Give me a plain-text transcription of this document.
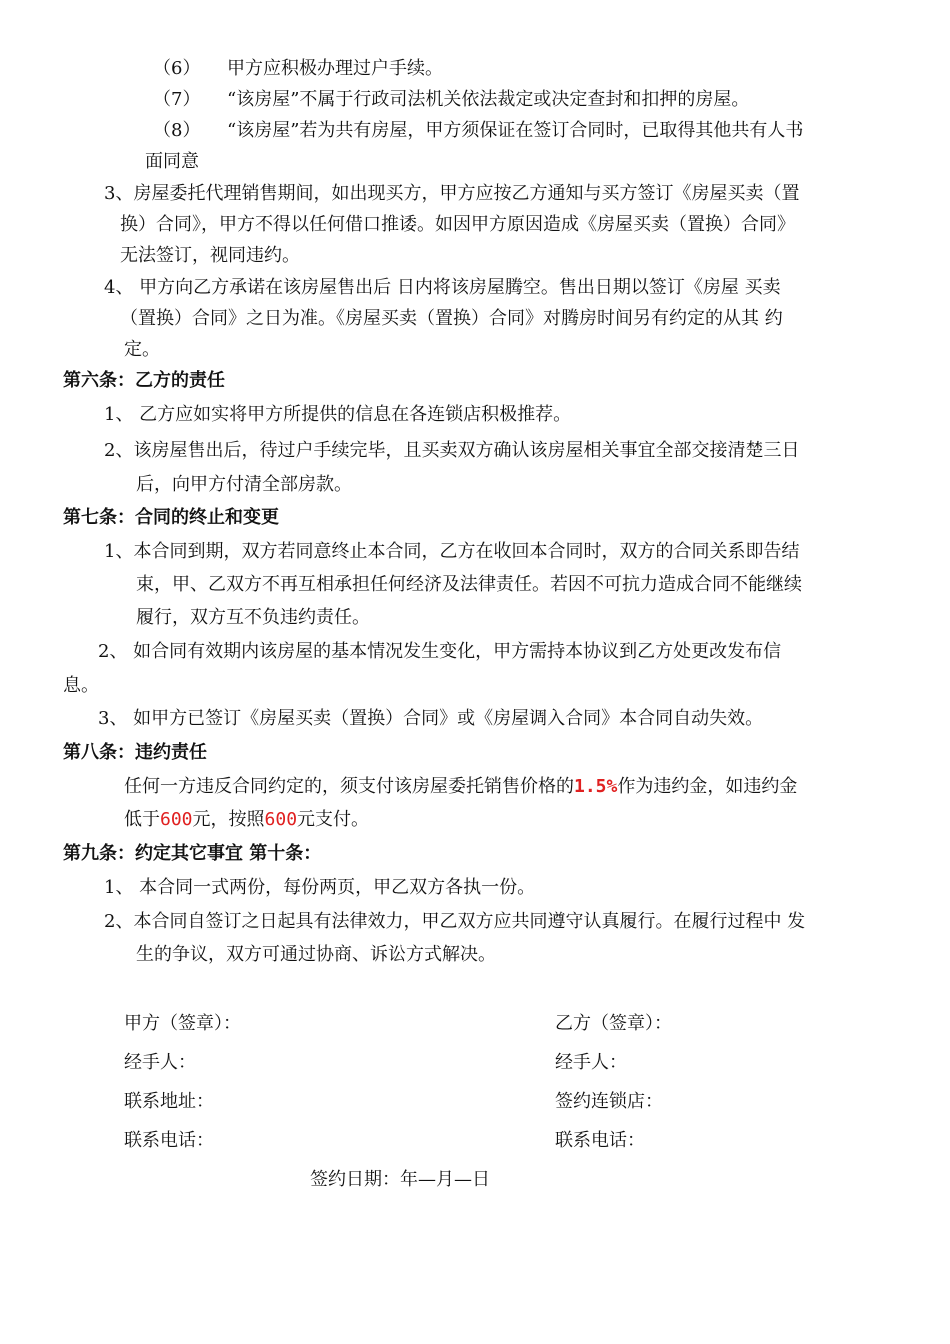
（6） 甲方应积极办理过户手续。
（7） “该房屋”不属于行政司法机关依法裁定或决定查封和扣押的房屋。
（8） “该房屋”若为共有房屋，甲方须保证在签订合同时，已取得其他共有人书
面同意
3、房屋委托代理销售期间，如出现买方，甲方应按乙方通知与买方签订《房屋买卖（置
换）合同》，甲方不得以任何借口推诿。如因甲方原因造成《房屋买卖（置换）合同》
无法签订，视同违约。
4、 甲方向乙方承诺在该房屋售出后 日内将该房屋腾空。售出日期以签订《房屋 买卖
（置换）合同》之日为准。《房屋买卖（置换）合同》对腾房时间另有约定的从其 约
定。
第六条：乙方的责任
1、 乙方应如实将甲方所提供的信息在各连锁店积极推荐。
2、该房屋售出后，待过户手续完毕，且买卖双方确认该房屋相关事宜全部交接清楚三日
后，向甲方付清全部房款。
第七条：合同的终止和变更
1、本合同到期，双方若同意终止本合同，乙方在收回本合同时，双方的合同关系即告结
束，甲、乙双方不再互相承担任何经济及法律责任。若因不可抗力造成合同不能继续
履行，双方互不负违约责任。
2、 如合同有效期内该房屋的基本情况发生变化，甲方需持本协议到乙方处更改发布信
息。
3、 如甲方已签订《房屋买卖（置换）合同》或《房屋调入合同》本合同自动失效。
第八条：违约责任
任何一方违反合同约定的，须支付该房屋委托销售价格的1.5%作为违约金，如违约金
低于600元，按照600元支付。
第九条：约定其它事宜 第十条：
1、 本合同一式两份，每份两页，甲乙双方各执一份。
2、本合同自签订之日起具有法律效力，甲乙双方应共同遵守认真履行。在履行过程中 发
生的争议，双方可通过协商、诉讼方式解决。
甲方（签章）：	乙方（签章）：
经手人：	经手人：
联系地址：	签约连锁店：
联系电话：	联系电话：
签约日期：年—月—日
